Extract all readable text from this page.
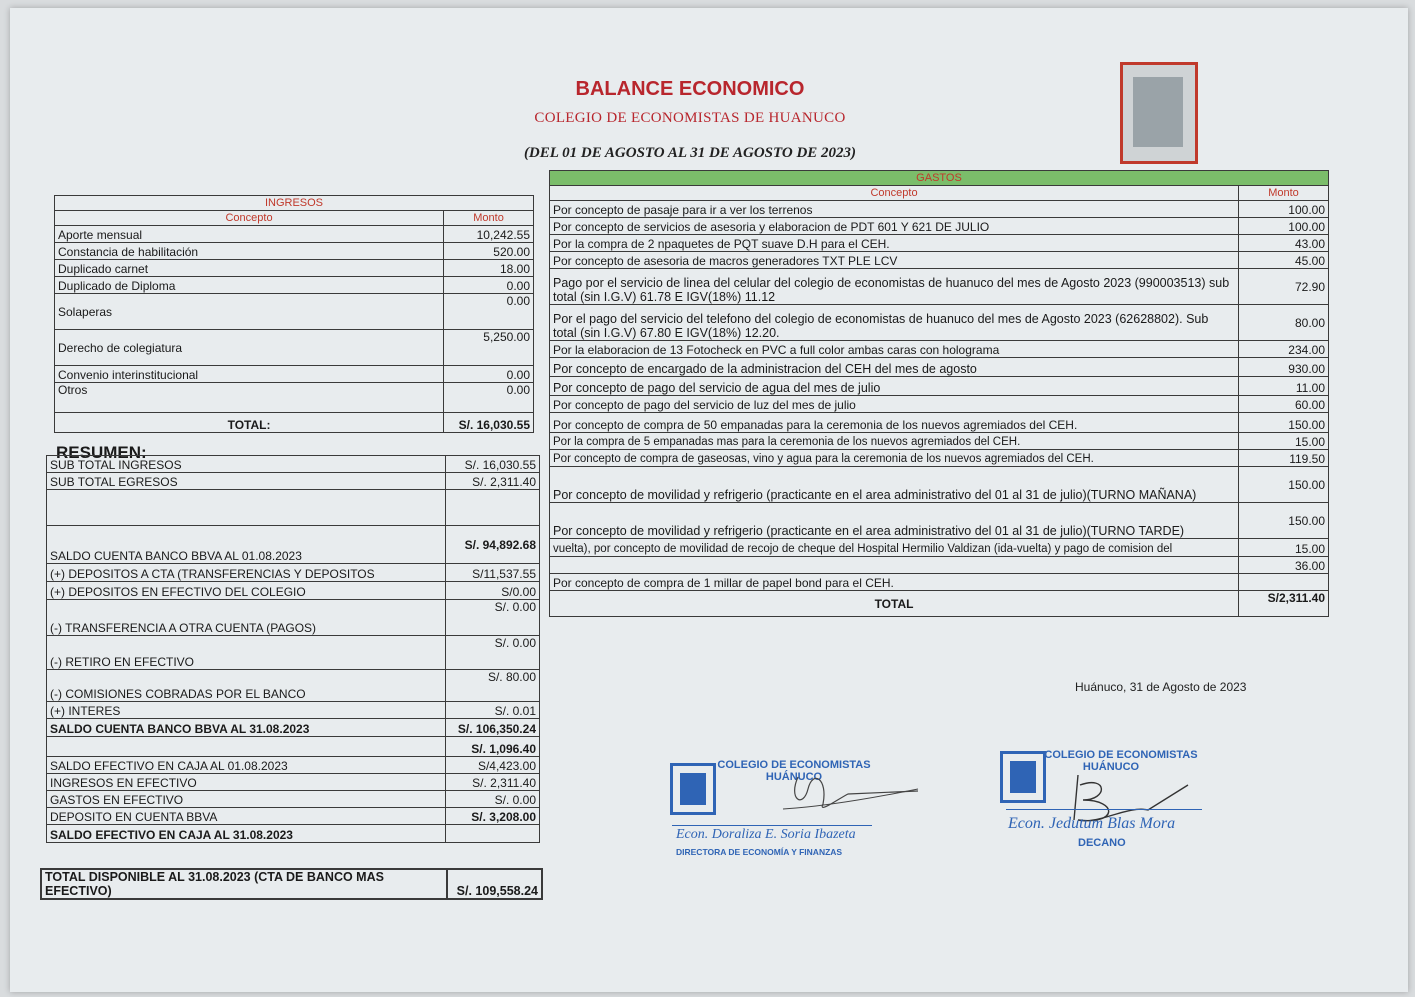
BALANCE ECONOMICO
COLEGIO DE ECONOMISTAS DE HUANUCO
(DEL 01 DE AGOSTO AL 31 DE AGOSTO DE 2023)
INGRESOS	
Concepto	Monto
Aporte mensual	10,242.55
Constancia de habilitación	520.00
Duplicado carnet	18.00
Duplicado de Diploma	0.00
Solaperas	0.00
Derecho de colegiatura	5,250.00
Convenio interinstitucional	0.00
Otros	0.00
TOTAL:	S/. 16,030.55
RESUMEN:
SUB TOTAL INGRESOS	S/. 16,030.55
SUB TOTAL EGRESOS	S/. 2,311.40

SALDO CUENTA BANCO BBVA AL 01.08.2023	S/. 94,892.68
(+) DEPOSITOS A CTA (TRANSFERENCIAS Y DEPOSITOS	S/11,537.55
(+) DEPOSITOS EN EFECTIVO DEL COLEGIO	S/0.00
(-) TRANSFERENCIA A OTRA CUENTA (PAGOS)	S/. 0.00
(-) RETIRO EN EFECTIVO	S/. 0.00
(-) COMISIONES COBRADAS POR EL BANCO	S/. 80.00
(+) INTERES	S/. 0.01
SALDO CUENTA BANCO BBVA AL 31.08.2023	S/. 106,350.24
	S/. 1,096.40
SALDO EFECTIVO EN CAJA AL 01.08.2023	S/4,423.00
INGRESOS EN EFECTIVO	S/. 2,311.40
GASTOS EN EFECTIVO	S/. 0.00
DEPOSITO EN CUENTA BBVA	S/. 3,208.00
SALDO EFECTIVO EN CAJA AL 31.08.2023	
TOTAL DISPONIBLE AL 31.08.2023 (CTA DE BANCO MAS EFECTIVO)	S/. 109,558.24
GASTOS	
Concepto	Monto
Por concepto de pasaje para ir a ver los terrenos	100.00
Por concepto de servicios de asesoria y elaboracion de PDT 601 Y 621 DE JULIO	100.00
Por la compra de 2 npaquetes de PQT suave D.H para el CEH.	43.00
Por concepto de asesoria de macros generadores TXT PLE LCV	45.00
Pago por el servicio de linea del celular del colegio de economistas de huanuco del mes de Agosto 2023 (990003513) sub total (sin I.G.V) 61.78 E IGV(18%) 11.12	72.90
Por el pago del servicio del telefono del colegio de economistas de huanuco del mes de Agosto 2023 (62628802). Sub total (sin I.G.V) 67.80 E IGV(18%) 12.20.	80.00
Por la elaboracion de 13 Fotocheck en PVC a full color ambas caras con holograma	234.00
Por concepto de encargado de la administracion del CEH del mes de agosto	930.00
Por concepto de pago del servicio de agua del mes de julio	11.00
Por concepto de pago del servicio de luz del mes de julio	60.00
Por concepto de compra de 50 empanadas para la ceremonia de los nuevos agremiados del CEH.	150.00
Por la compra de 5 empanadas mas para la ceremonia de los nuevos agremiados del CEH.	15.00
Por concepto de compra de gaseosas, vino y agua para la ceremonia de los nuevos agremiados del CEH.	119.50
Por concepto de movilidad y refrigerio (practicante en el area administrativo del 01 al 31 de julio)(TURNO MAÑANA)	150.00
Por concepto de movilidad y refrigerio (practicante en el area administrativo del 01 al 31 de julio)(TURNO TARDE)	150.00
vuelta), por concepto de movilidad de recojo de cheque del Hospital Hermilio Valdizan (ida-vuelta) y pago de comision del	15.00
	36.00
Por concepto de compra de 1 millar de papel bond para el CEH.	
TOTAL	S/2,311.40
Huánuco, 31 de Agosto de 2023
COLEGIO DE ECONOMISTAS
HUÁNUCO
Econ. Doraliza E. Soria Ibazeta
DIRECTORA DE ECONOMÍA Y FINANZAS
COLEGIO DE ECONOMISTAS
HUÁNUCO
Econ. Jedutum Blas Mora
DECANO
